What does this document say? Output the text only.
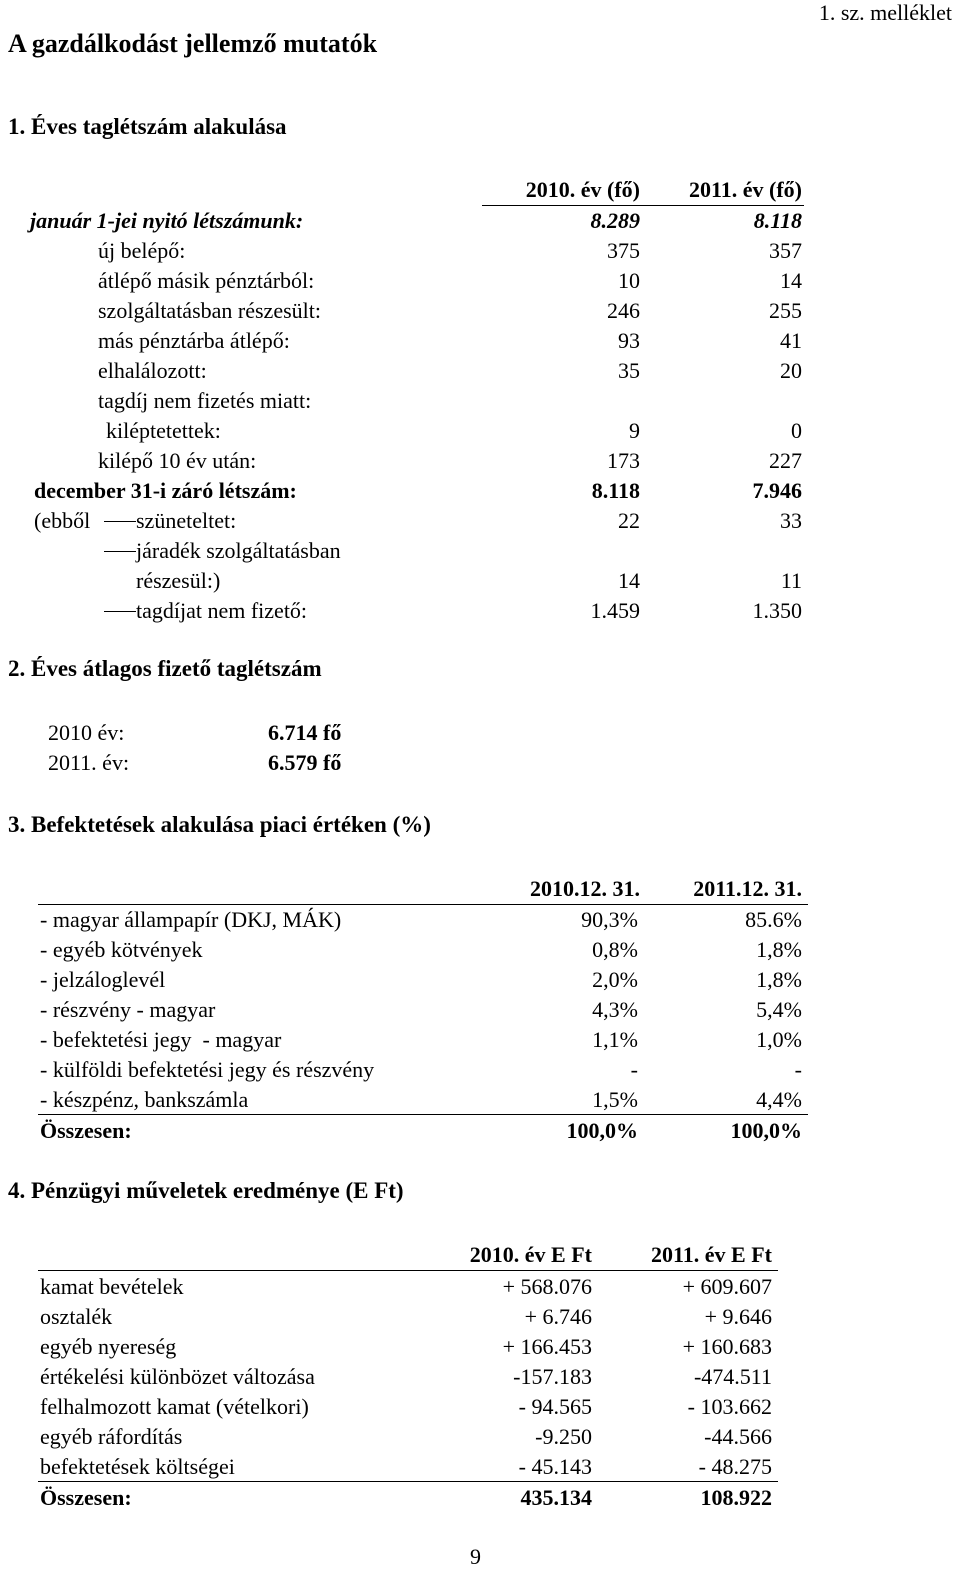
1. sz. melléklet
A gazdálkodást jellemző mutatók
1. Éves taglétszám alakulása
2010. év (fő) 2011. év (fő)
január 1-jei nyitó létszámunk:	8.289	8.118
új belépő:	375	357
átlépő másik pénztárból:	10	14
szolgáltatásban részesült:	246	255
más pénztárba átlépő:	93	41
elhalálozott:	35	20
tagdíj nem fizetés miatt:
kiléptetettek:	9	0
kilépő 10 év után:	173	227
december 31-i záró létszám:	8.118	7.946
(ebből szüneteltet:	22	33
járadék szolgáltatásban
részesül:)	14	11
tagdíjat nem fizető:	1.459	1.350
2. Éves átlagos fizető taglétszám
2010 év:	6.714 fő
2011. év:	6.579 fő
3. Befektetések alakulása piaci értéken (%)
2010.12. 31. 2011.12. 31.
- magyar állampapír (DKJ, MÁK)	90,3%	85.6%
- egyéb kötvények	0,8%	1,8%
- jelzáloglevél	2,0%	1,8%
- részvény - magyar	4,3%	5,4%
- befektetési jegy  - magyar	1,1%	1,0%
- külföldi befektetési jegy és részvény	-	-
- készpénz, bankszámla	1,5%	4,4%
Összesen:	100,0%	100,0%
4. Pénzügyi műveletek eredménye (E Ft)
2010. év E Ft	2011. év E Ft
kamat bevételek	+ 568.076	+ 609.607
osztalék	+ 6.746	+ 9.646
egyéb nyereség	+ 166.453	+ 160.683
értékelési különbözet változása	-157.183	-474.511
felhalmozott kamat (vételkori)	- 94.565	- 103.662
egyéb ráfordítás	-9.250	-44.566
befektetések költségei	- 45.143	- 48.275
Összesen:	435.134	108.922
9
